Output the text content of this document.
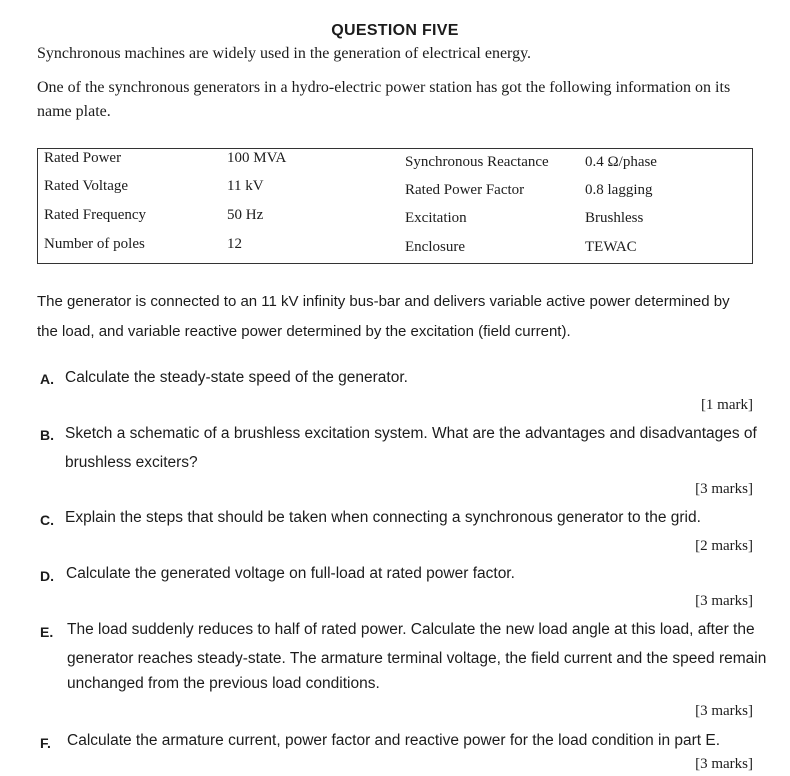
QUESTION FIVE
Synchronous machines are widely used in the generation of electrical energy.
One of the synchronous generators in a hydro-electric power station has got the following information on its
name plate.
Rated Power	100 MVA	Synchronous Reactance 0.4 Ω/phase
Rated Voltage	11 kV	Rated Power Factor	0.8 lagging
Rated Frequency	50 Hz	Excitation	Brushless
Number of poles	12	Enclosure	TEWAC
The generator is connected to an 11 kV infinity bus-bar and delivers variable active power determined by
the load, and variable reactive power determined by the excitation (field current).
A. Calculate the steady-state speed of the generator.
[1 mark]
B. Sketch a schematic of a brushless excitation system. What are the advantages and disadvantages of
brushless exciters?
[3 marks]
C. Explain the steps that should be taken when connecting a synchronous generator to the grid.
[2 marks]
D. Calculate the generated voltage on full-load at rated power factor.
[3 marks]
E. The load suddenly reduces to half of rated power. Calculate the new load angle at this load, after the
generator reaches steady-state. The armature terminal voltage, the field current and the speed remain
unchanged from the previous load conditions.
[3 marks]
F. Calculate the armature current, power factor and reactive power for the load condition in part E.
[3 marks]
